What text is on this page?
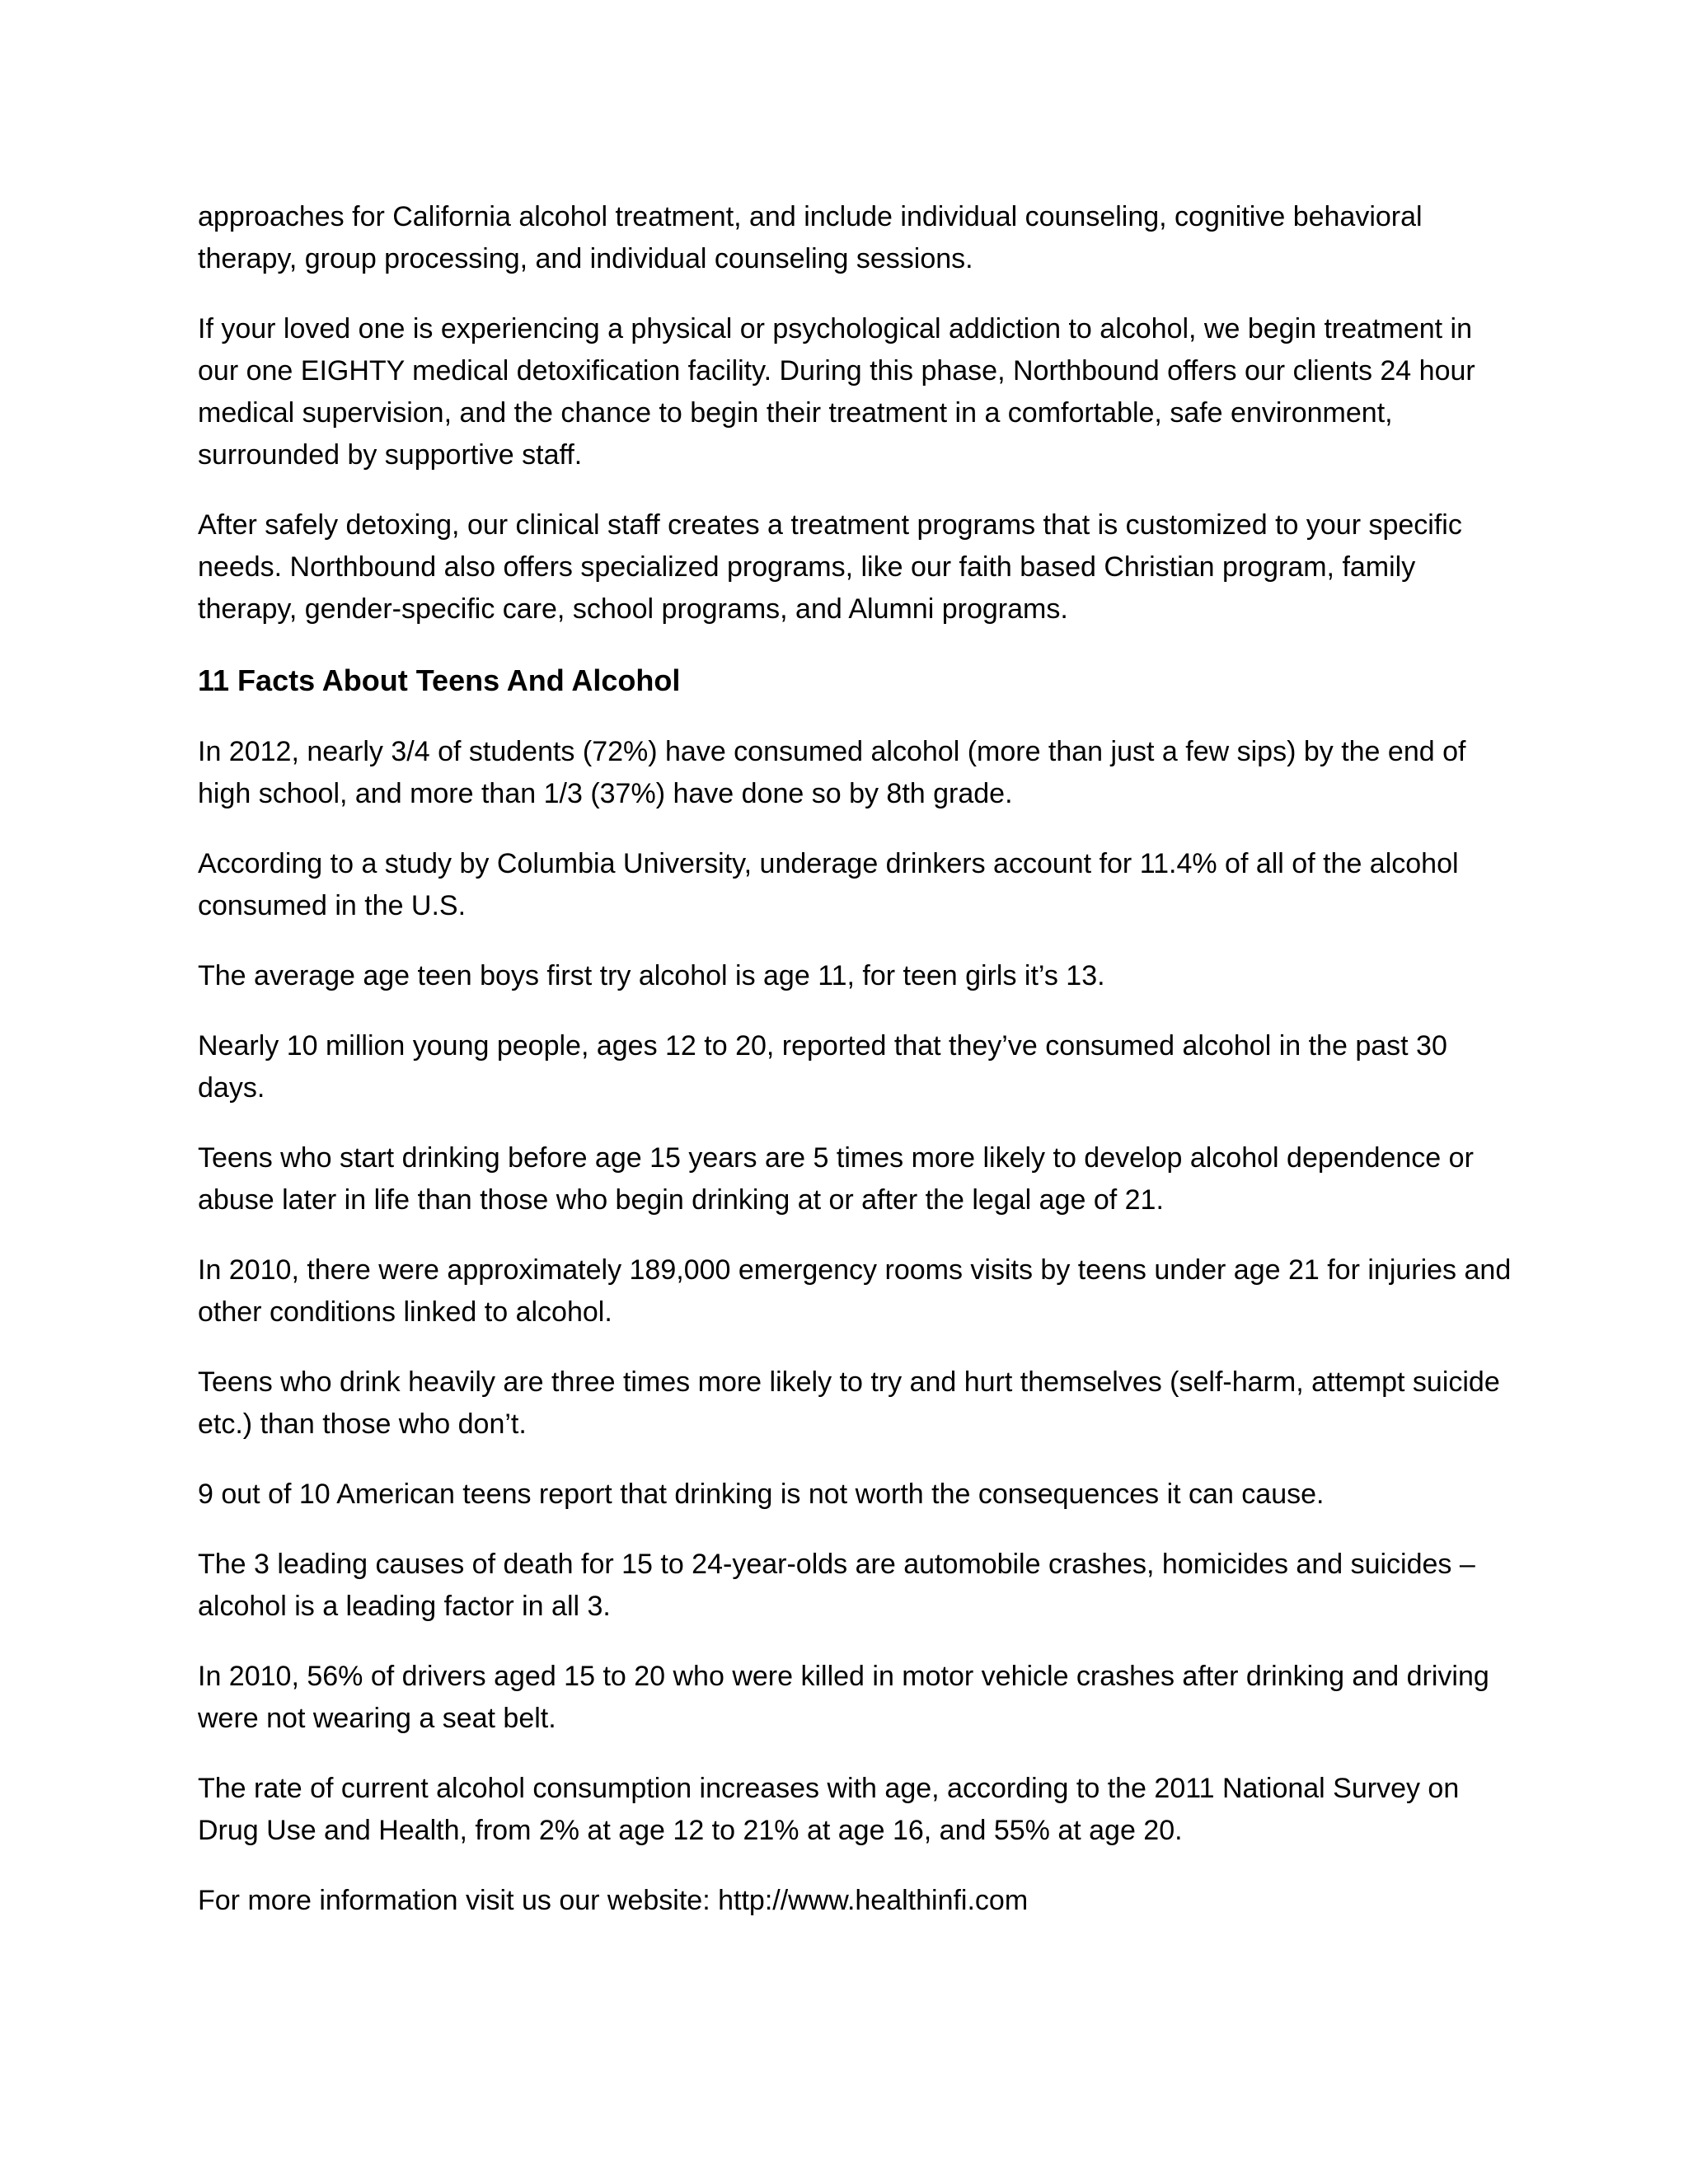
approaches for California alcohol treatment, and include individual counseling, cognitive behavioral therapy, group processing, and individual counseling sessions.

If your loved one is experiencing a physical or psychological addiction to alcohol, we begin treatment in our one EIGHTY medical detoxification facility. During this phase, Northbound offers our clients 24 hour medical supervision, and the chance to begin their treatment in a comfortable, safe environment, surrounded by supportive staff.

After safely detoxing, our clinical staff creates a treatment programs that is customized to your specific needs. Northbound also offers specialized programs, like our faith based Christian program, family therapy, gender-specific care, school programs, and Alumni programs.

11 Facts About Teens And Alcohol

In 2012, nearly 3/4 of students (72%) have consumed alcohol (more than just a few sips) by the end of high school, and more than 1/3 (37%) have done so by 8th grade.

According to a study by Columbia University, underage drinkers account for 11.4% of all of the alcohol consumed in the U.S.

The average age teen boys first try alcohol is age 11, for teen girls it’s 13.

Nearly 10 million young people, ages 12 to 20, reported that they’ve consumed alcohol in the past 30 days.

Teens who start drinking before age 15 years are 5 times more likely to develop alcohol dependence or abuse later in life than those who begin drinking at or after the legal age of 21.

In 2010, there were approximately 189,000 emergency rooms visits by teens under age 21 for injuries and other conditions linked to alcohol.

Teens who drink heavily are three times more likely to try and hurt themselves (self-harm, attempt suicide etc.) than those who don’t.

9 out of 10 American teens report that drinking is not worth the consequences it can cause.

The 3 leading causes of death for 15 to 24-year-olds are automobile crashes, homicides and suicides – alcohol is a leading factor in all 3.

In 2010, 56% of drivers aged 15 to 20 who were killed in motor vehicle crashes after drinking and driving were not wearing a seat belt.

The rate of current alcohol consumption increases with age, according to the 2011 National Survey on Drug Use and Health, from 2% at age 12 to 21% at age 16, and 55% at age 20.

For more information visit us our website: http://www.healthinfi.com
